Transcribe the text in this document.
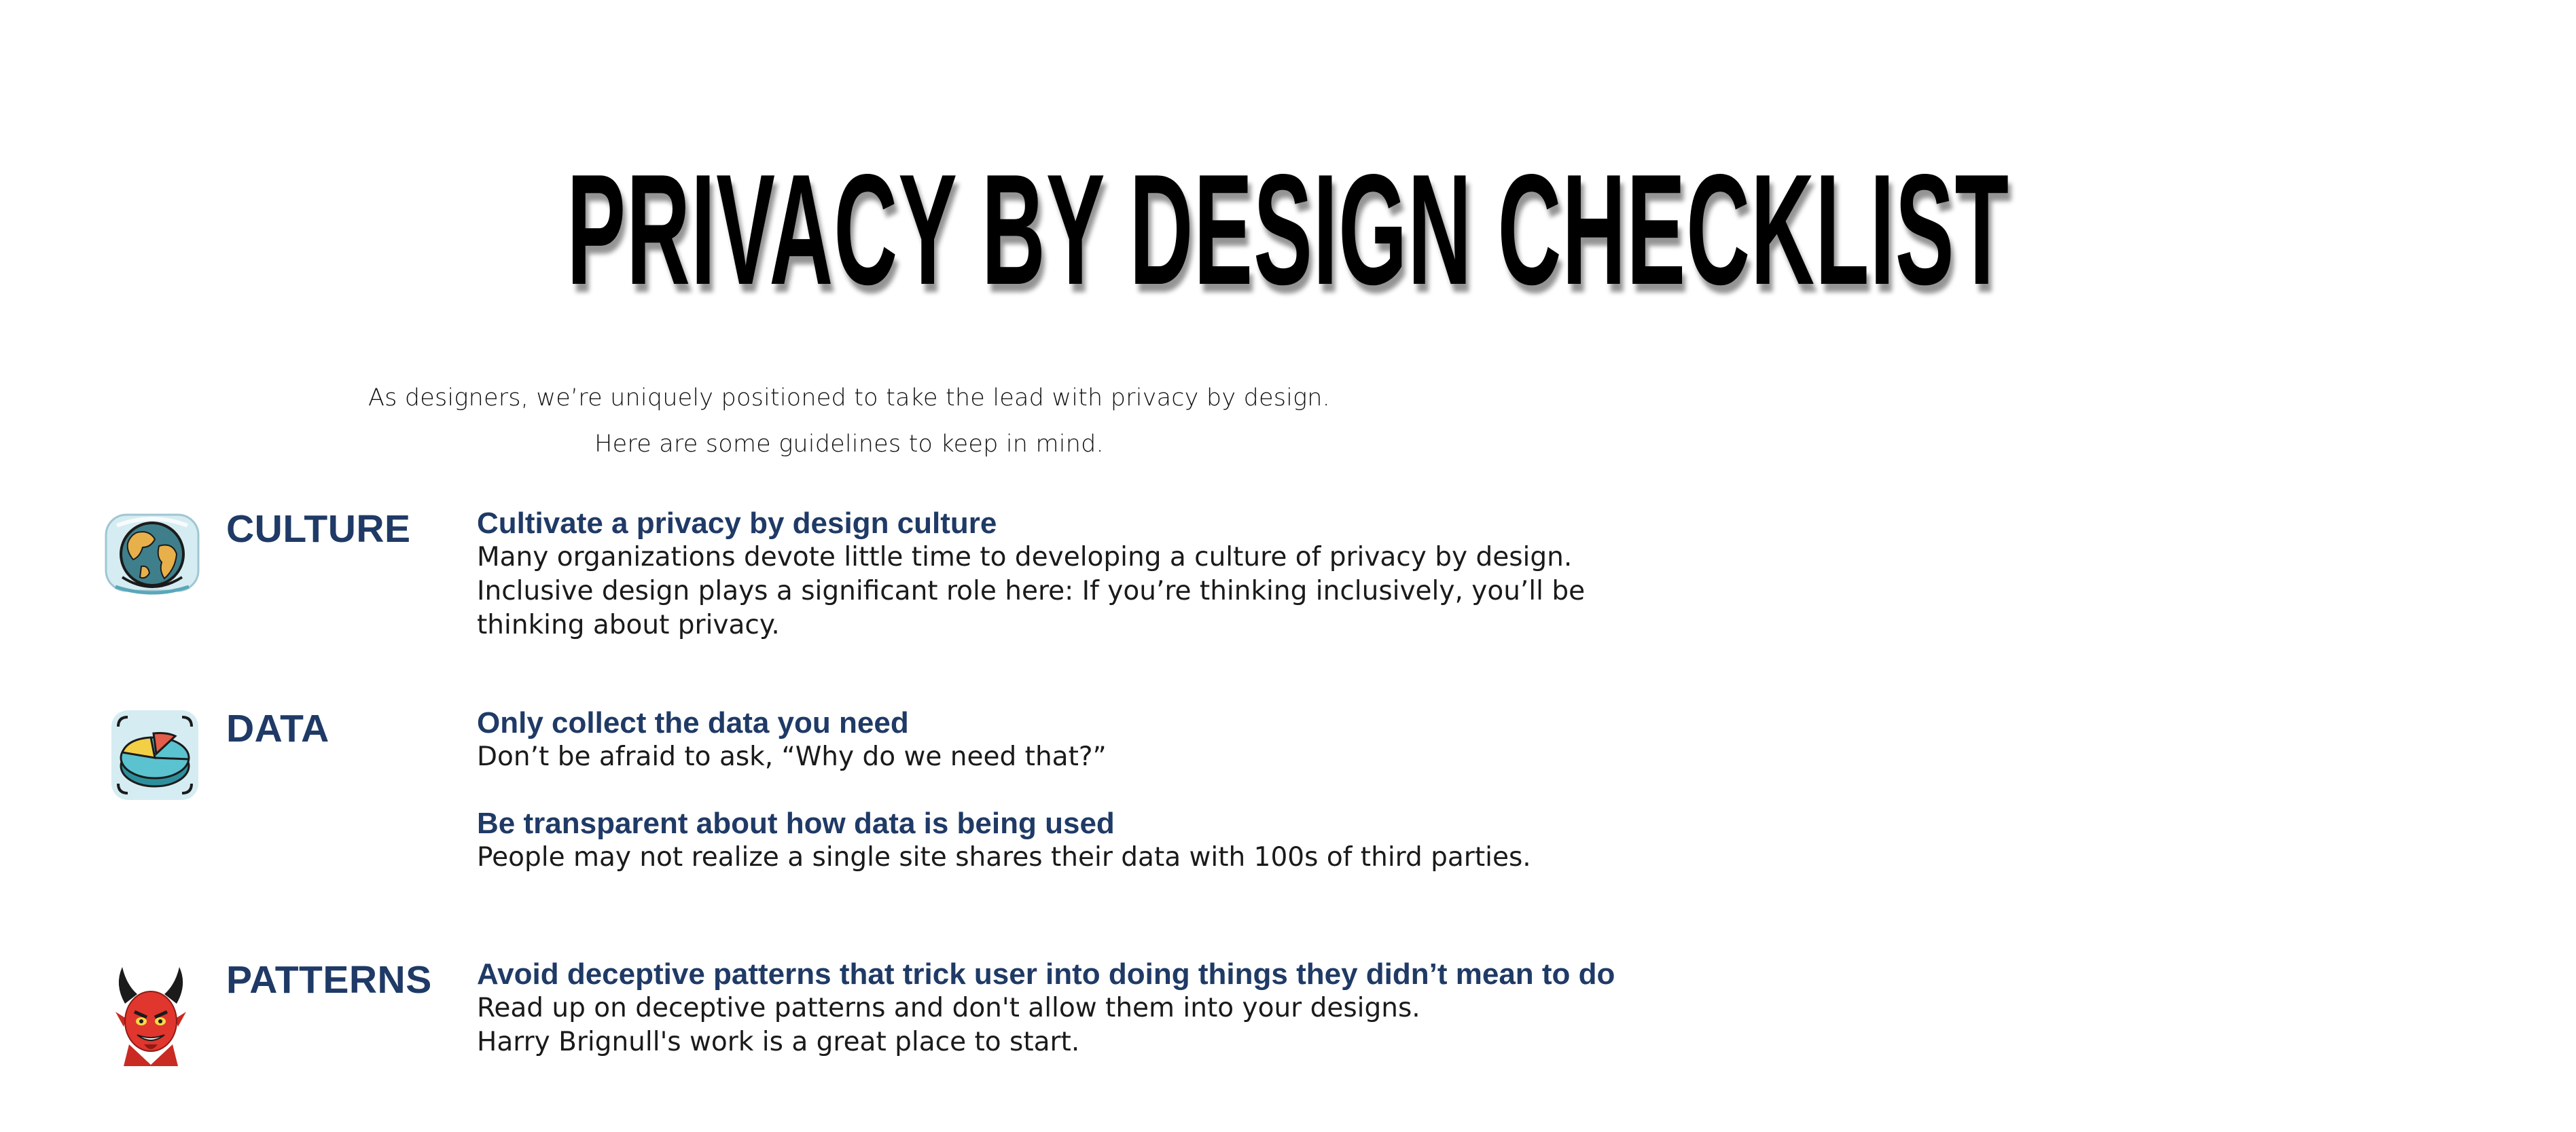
PRIVACY BY DESIGN CHECKLIST

As designers, we’re uniquely positioned to take the lead with privacy by design.

Here are some guidelines to keep in mind.

CULTURE Cultivate a privacy by design culture

Many organizations devote little time to developing a culture of privacy by design.

Inclusive design plays a significant role here: If you’re thinking inclusively, you’ll be

thinking about privacy.

DATA	Only collect the data you need

Don’t be afraid to ask, “Why do we need that?”

Be transparent about how data is being used

People may not realize a single site shares their data with 100s of third parties.

PATTERNS Avoid deceptive patterns that trick user into doing things they didn’t mean to do

Read up on deceptive patterns and don't allow them into your designs.

Harry Brignull's work is a great place to start.
